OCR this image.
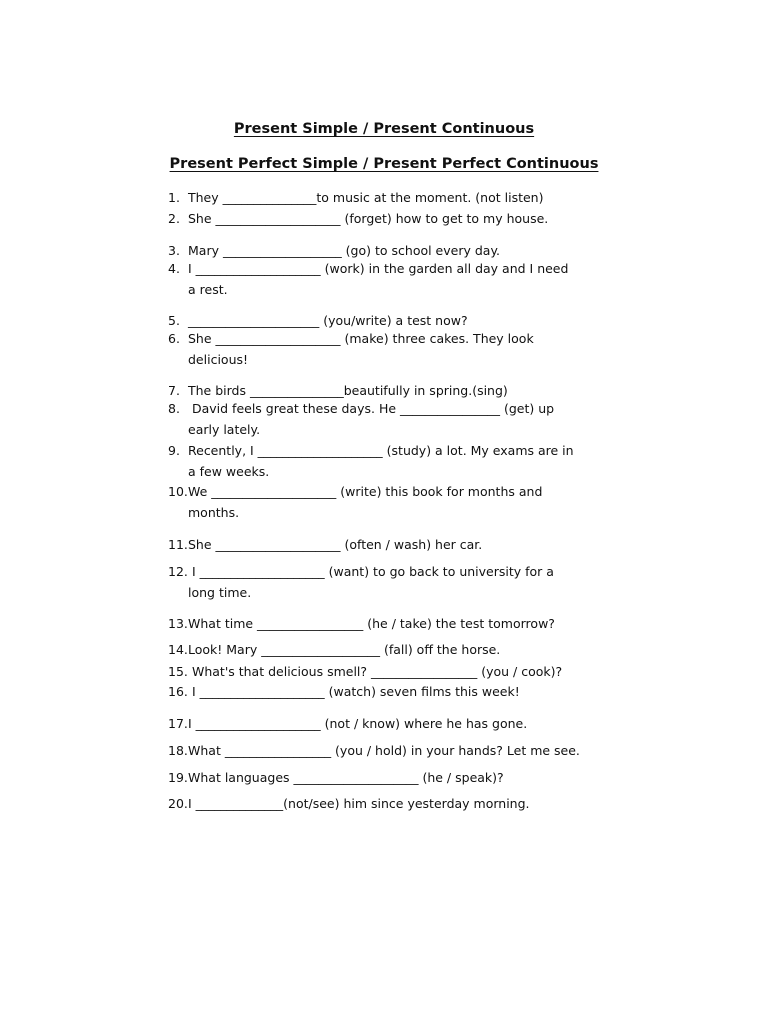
Present Simple / Present Continuous
Present Perfect Simple / Present Perfect Continuous
1. They _______________to music at the moment. (not listen)
2. She ____________________ (forget) how to get to my house.
3. Mary ___________________ (go) to school every day.
4. I ____________________ (work) in the garden all day and I need
a rest.
5. _____________________ (you/write) a test now?
6. She ____________________ (make) three cakes. They look
delicious!
7. The birds _______________beautifully in spring.(sing)
8. David feels great these days. He ________________ (get) up
early lately.
9. Recently, I ____________________ (study) a lot. My exams are in
a few weeks.
10.We ____________________ (write) this book for months and
months.
11.She ____________________ (often / wash) her car.
12. I ____________________ (want) to go back to university for a
long time.
13.What time _________________ (he / take) the test tomorrow?
14.Look! Mary ___________________ (fall) off the horse.
15. What's that delicious smell? _________________ (you / cook)?
16. I ____________________ (watch) seven films this week!
17.I ____________________ (not / know) where he has gone.
18.What _________________ (you / hold) in your hands? Let me see.
19.What languages ____________________ (he / speak)?
20.I ______________(not/see) him since yesterday morning.
